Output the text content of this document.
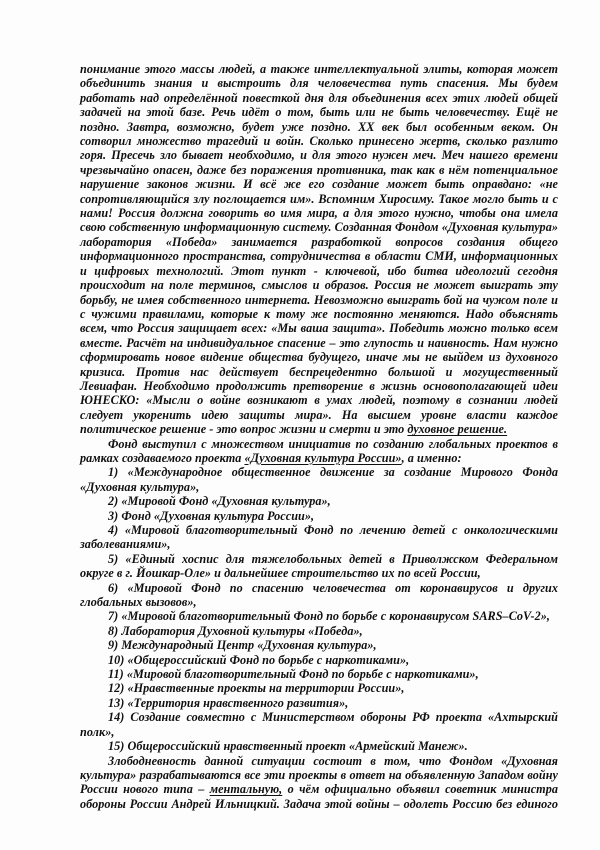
понимание этого массы людей, а также интеллектуальной элиты, которая может объединить знания и выстроить для человечества путь спасения. Мы будем работать над определённой повесткой дня для объединения всех этих людей общей задачей на этой базе. Речь идёт о том, быть или не быть человечеству. Ещё не поздно. Завтра, возможно, будет уже поздно. XX век был особенным веком. Он сотворил множество трагедий и войн. Сколько принесено жертв, сколько разлито горя. Пресечь зло бывает необходимо, и для этого нужен меч. Меч нашего времени чрезвычайно опасен, даже без поражения противника, так как в нём потенциальное нарушение законов жизни. И всё же его создание может быть оправдано: «не сопротивляющийся злу поглощается им». Вспомним Хиросиму. Такое могло быть и с нами! Россия должна говорить во имя мира, а для этого нужно, чтобы она имела свою собственную информационную систему. Созданная Фондом «Духовная культура» лаборатория «Победа» занимается разработкой вопросов создания общего информационного пространства, сотрудничества в области СМИ, информационных и цифровых технологий. Этот пункт - ключевой, ибо битва идеологий сегодня происходит на поле терминов, смыслов и образов. Россия не может выиграть эту борьбу, не имея собственного интернета. Невозможно выиграть бой на чужом поле и с чужими правилами, которые к тому же постоянно меняются. Надо объяснять всем, что Россия защищает всех: «Мы ваша защита». Победить можно только всем вместе. Расчёт на индивидуальное спасение – это глупость и наивность. Нам нужно сформировать новое видение общества будущего, иначе мы не выйдем из духовного кризиса. Против нас действует беспрецедентно большой и могущественный Левиафан. Необходимо продолжить претворение в жизнь основополагающей идеи ЮНЕСКО: «Мысли о войне возникают в умах людей, поэтому в сознании людей следует укоренить идею защиты мира». На высшем уровне власти каждое политическое решение - это вопрос жизни и смерти и это духовное решение.

Фонд выступил с множеством инициатив по созданию глобальных проектов в рамках создаваемого проекта «Духовная культура России», а именно:

1) «Международное общественное движение за создание Мирового Фонда «Духовная культура»,

2) «Мировой Фонд «Духовная культура»,

3) Фонд «Духовная культура России»,

4) «Мировой благотворительный Фонд по лечению детей с онкологическими заболеваниями»,

5) «Единый хоспис для тяжелобольных детей в Приволжском Федеральном округе в г. Йошкар-Оле» и дальнейшее строительство их по всей России,

6) «Мировой Фонд по спасению человечества от коронавирусов и других глобальных вызовов»,

7) «Мировой благотворительный Фонд по борьбе с коронавирусом SARS–CoV-2»,

8) Лаборатория Духовной культуры «Победа»,

9) Международный Центр «Духовная культура»,

10) «Общероссийский Фонд по борьбе с наркотиками»,

11) «Мировой благотворительный Фонд по борьбе с наркотиками»,

12) «Нравственные проекты на территории России»,

13) «Территория нравственного развития»,

14) Создание совместно с Министерством обороны РФ проекта «Ахтырский полк»,

15) Общероссийский нравственный проект «Армейский Манеж».

Злободневность данной ситуации состоит в том, что Фондом «Духовная культура» разрабатываются все эти проекты в ответ на объявленную Западом войну России нового типа – ментальную, о чём официально объявил советник министра обороны России Андрей Ильницкий. Задача этой войны – одолеть Россию без единого
